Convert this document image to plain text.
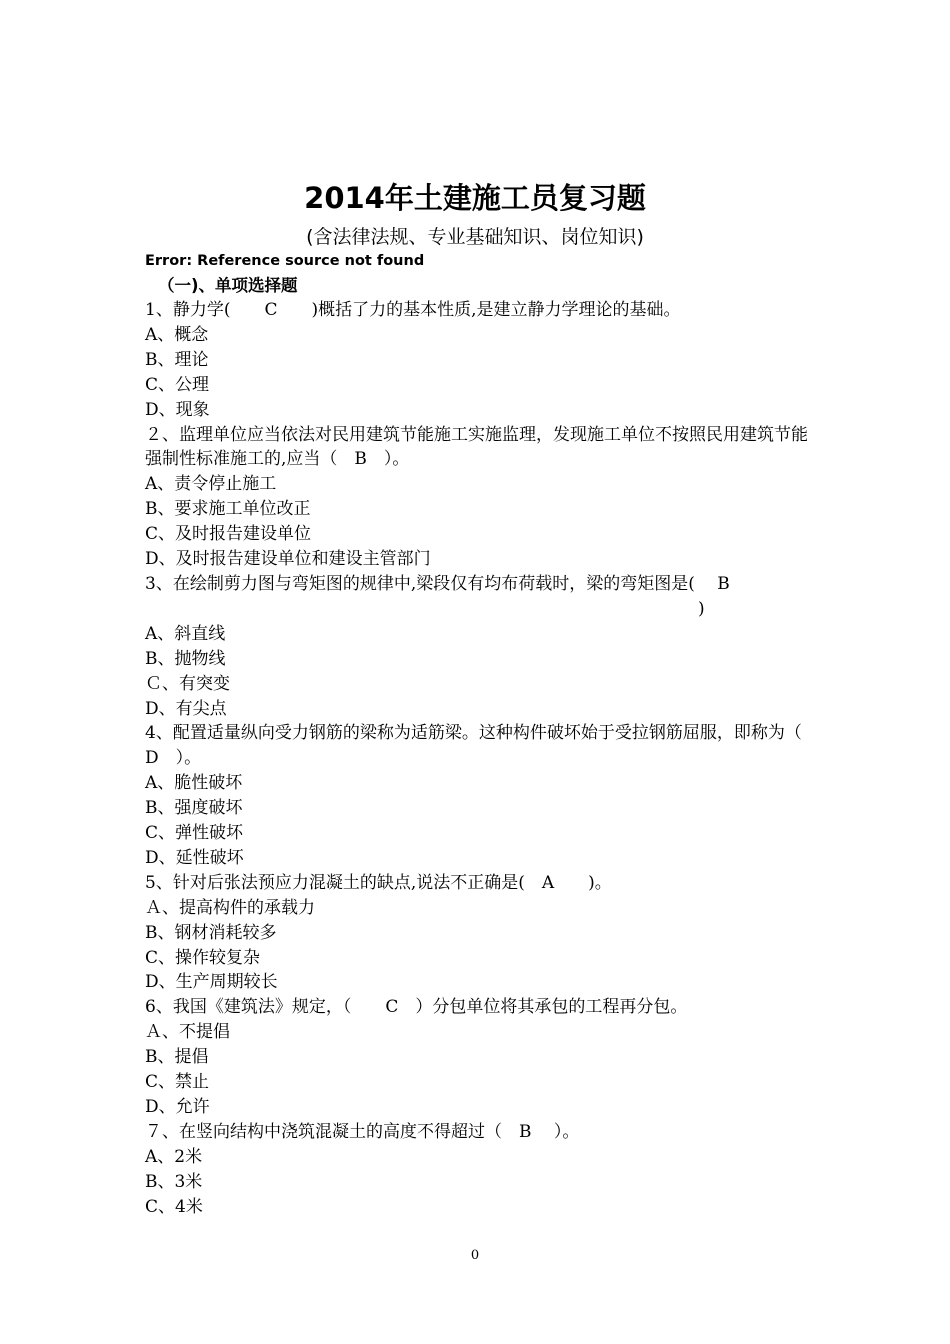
2014年土建施工员复习题
(含法律法规、专业基础知识、岗位知识)
Error: Reference source not found
（一)、单项选择题
1、静力学(　　C　　)概括了力的基本性质,是建立静力学理论的基础。
A、概念
B、理论
C、公理
D、现象
２、监理单位应当依法对民用建筑节能施工实施监理，发现施工单位不按照民用建筑节能强制性标准施工的,应当（　B　）。
A、责令停止施工
B、要求施工单位改正
C、及时报告建设单位
D、及时报告建设单位和建设主管部门
3、在绘制剪力图与弯矩图的规律中,梁段仅有均布荷载时，梁的弯矩图是(　 B
)
A、斜直线
B、抛物线
Ｃ、有突变
D、有尖点
4、配置适量纵向受力钢筋的梁称为适筋梁。这种构件破坏始于受拉钢筋屈服，即称为（　 D　）。
A、脆性破坏
B、强度破坏
C、弹性破坏
D、延性破坏
5、针对后张法预应力混凝土的缺点,说法不正确是(　A　　)。
Ａ、提高构件的承载力
B、钢材消耗较多
C、操作较复杂
D、生产周期较长
6、我国《建筑法》规定，（　　C　）分包单位将其承包的工程再分包。
Ａ、不提倡
B、提倡
C、禁止
D、允许
７、在竖向结构中浇筑混凝土的高度不得超过（　B　 ）。
A、2米
B、3米
C、4米
0
